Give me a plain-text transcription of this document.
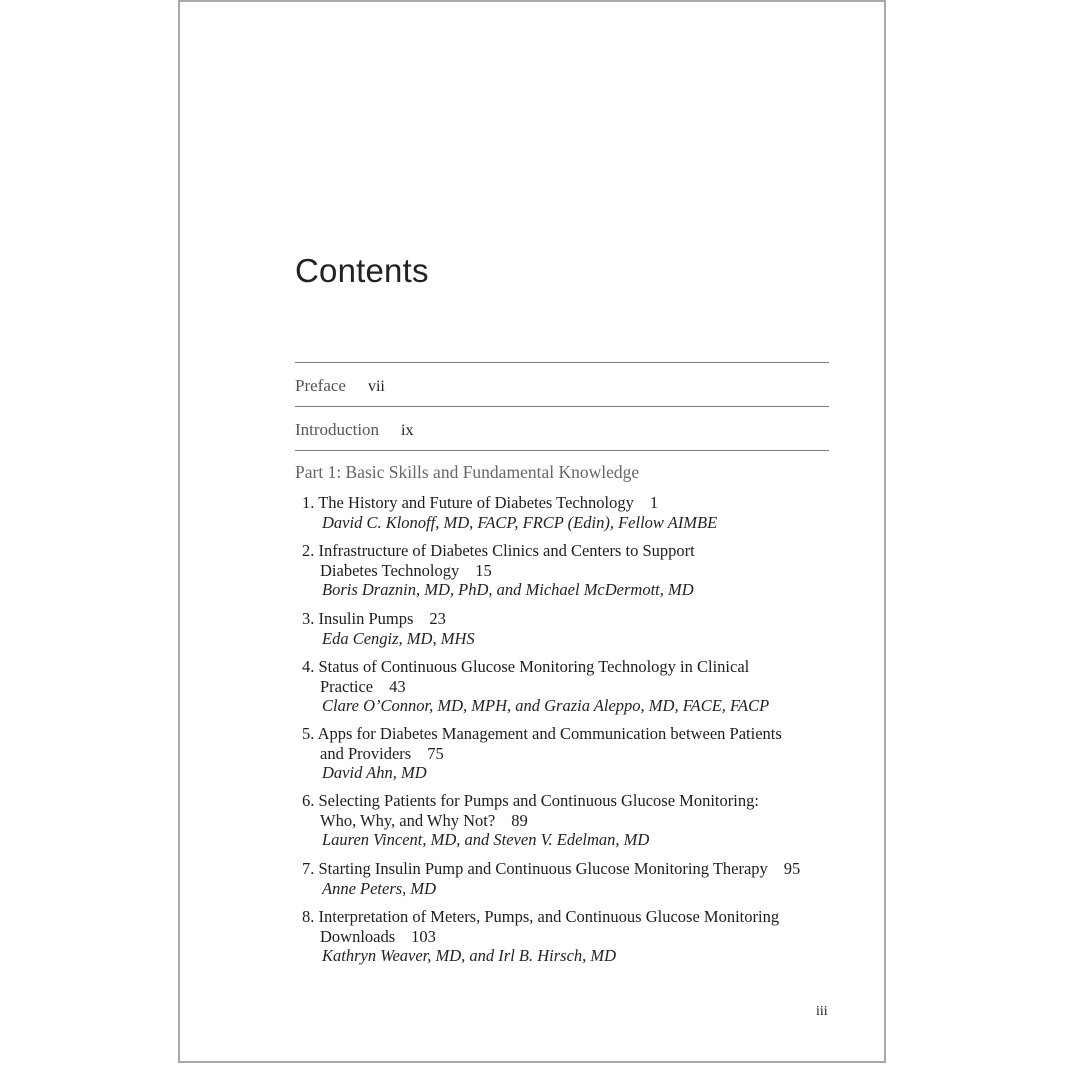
Contents
Preface vii
Introduction ix
Part 1: Basic Skills and Fundamental Knowledge
1. The History and Future of Diabetes Technology 1
David C. Klonoff, MD, FACP, FRCP (Edin), Fellow AIMBE
2. Infrastructure of Diabetes Clinics and Centers to Support
Diabetes Technology 15
Boris Draznin, MD, PhD, and Michael McDermott, MD
3. Insulin Pumps 23
Eda Cengiz, MD, MHS
4. Status of Continuous Glucose Monitoring Technology in Clinical
Practice 43
Clare O’Connor, MD, MPH, and Grazia Aleppo, MD, FACE, FACP
5. Apps for Diabetes Management and Communication between Patients
and Providers 75
David Ahn, MD
6. Selecting Patients for Pumps and Continuous Glucose Monitoring:
Who, Why, and Why Not? 89
Lauren Vincent, MD, and Steven V. Edelman, MD
7. Starting Insulin Pump and Continuous Glucose Monitoring Therapy 95
Anne Peters, MD
8. Interpretation of Meters, Pumps, and Continuous Glucose Monitoring
Downloads 103
Kathryn Weaver, MD, and Irl B. Hirsch, MD
iii
